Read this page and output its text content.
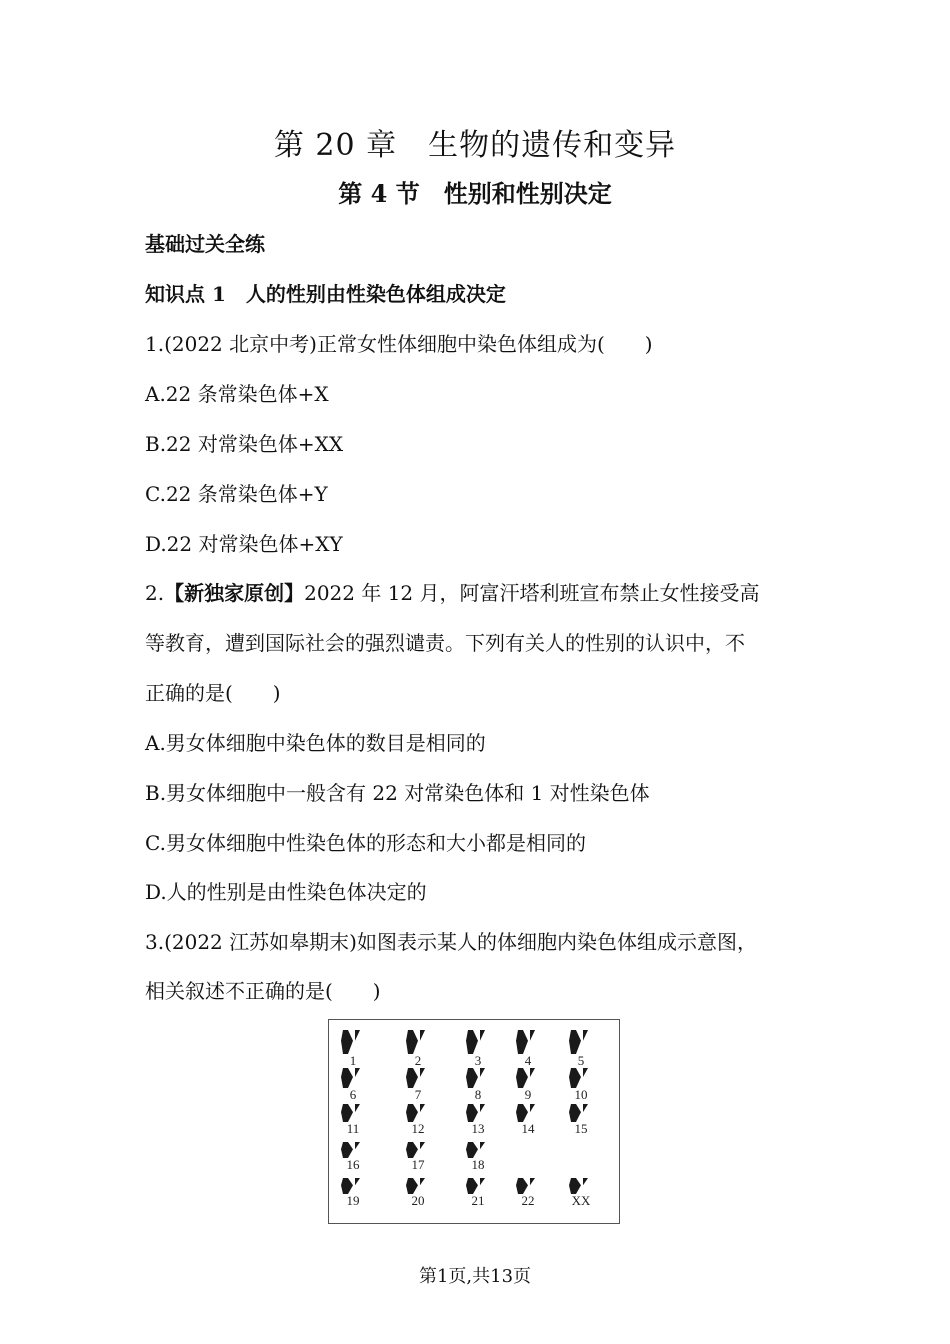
第 20 章　生物的遗传和变异
第 4 节　性别和性别决定
基础过关全练
知识点 1　人的性别由性染色体组成决定
1.(2022 北京中考)正常女性体细胞中染色体组成为(　　)
A.22 条常染色体+X
B.22 对常染色体+XX
C.22 条常染色体+Y
D.22 对常染色体+XY
2.【新独家原创】2022 年 12 月，阿富汗塔利班宣布禁止女性接受高
等教育，遭到国际社会的强烈谴责。下列有关人的性别的认识中，不
正确的是(　　)
A.男女体细胞中染色体的数目是相同的
B.男女体细胞中一般含有 22 对常染色体和 1 对性染色体
C.男女体细胞中性染色体的形态和大小都是相同的
D.人的性别是由性染色体决定的
3.(2022 江苏如皋期末)如图表示某人的体细胞内染色体组成示意图，
相关叙述不正确的是(　　)
1	2	3	4	5
6	7	8	9	10
11	12	13	14	15
16	17	18
19	20	21	22	XX
第1页,共13页
